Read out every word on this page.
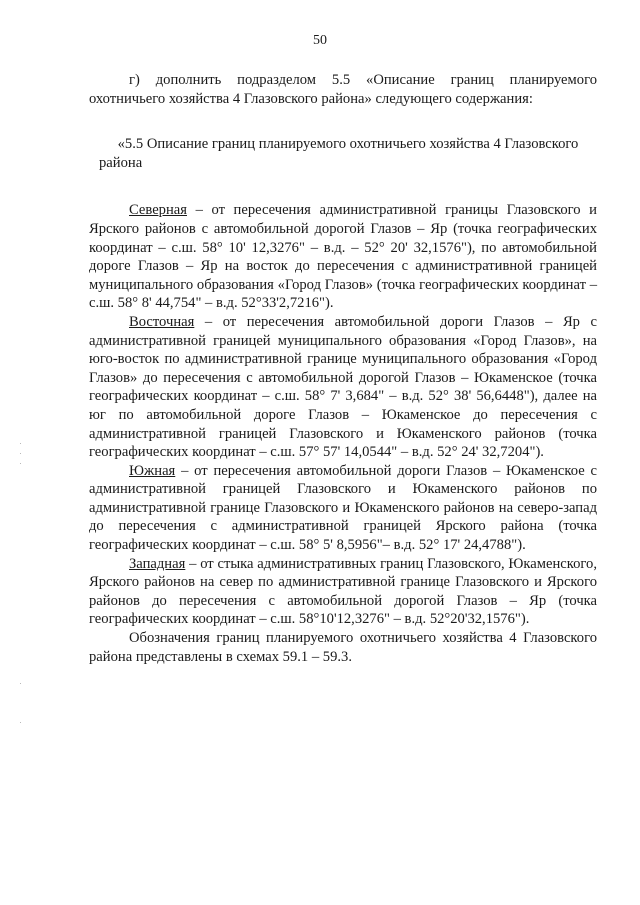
50

г) дополнить подразделом 5.5 «Описание границ планируемого охотничьего хозяйства 4 Глазовского района» следующего содержания:

«5.5 Описание границ планируемого охотничьего хозяйства 4 Глазовского района

Северная – от пересечения административной границы Глазовского и Ярского районов с автомобильной дорогой Глазов – Яр (точка географических координат – с.ш. 58° 10' 12,3276" – в.д. – 52° 20' 32,1576"), по автомобильной дороге Глазов – Яр на восток до пересечения с административной границей муниципального образования «Город Глазов» (точка географических координат – с.ш. 58° 8' 44,754" – в.д. 52°33'2,7216").

Восточная – от пересечения автомобильной дороги Глазов – Яр с административной границей муниципального образования «Город Глазов», на юго-восток по административной границе муниципального образования «Город Глазов» до пересечения с автомобильной дорогой Глазов – Юкаменское (точка географических координат – с.ш. 58° 7' 3,684" – в.д. 52° 38' 56,6448"), далее на юг по автомобильной дороге Глазов – Юкаменское до пересечения с административной границей Глазовского и Юкаменского районов (точка географических координат – с.ш. 57° 57' 14,0544" – в.д. 52° 24' 32,7204").

Южная – от пересечения автомобильной дороги Глазов – Юкаменское с административной границей Глазовского и Юкаменского районов по административной границе Глазовского и Юкаменского районов на северо-запад до пересечения с административной границей Ярского района (точка географических координат – с.ш. 58° 5' 8,5956"– в.д. 52° 17' 24,4788").

Западная – от стыка административных границ Глазовского, Юкаменского, Ярского районов на север по административной границе Глазовского и Ярского районов до пересечения с автомобильной дорогой Глазов – Яр (точка географических координат – с.ш. 58°10'12,3276" – в.д. 52°20'32,1576").

Обозначения границ планируемого охотничьего хозяйства 4 Глазовского района представлены в схемах 59.1 – 59.3.
